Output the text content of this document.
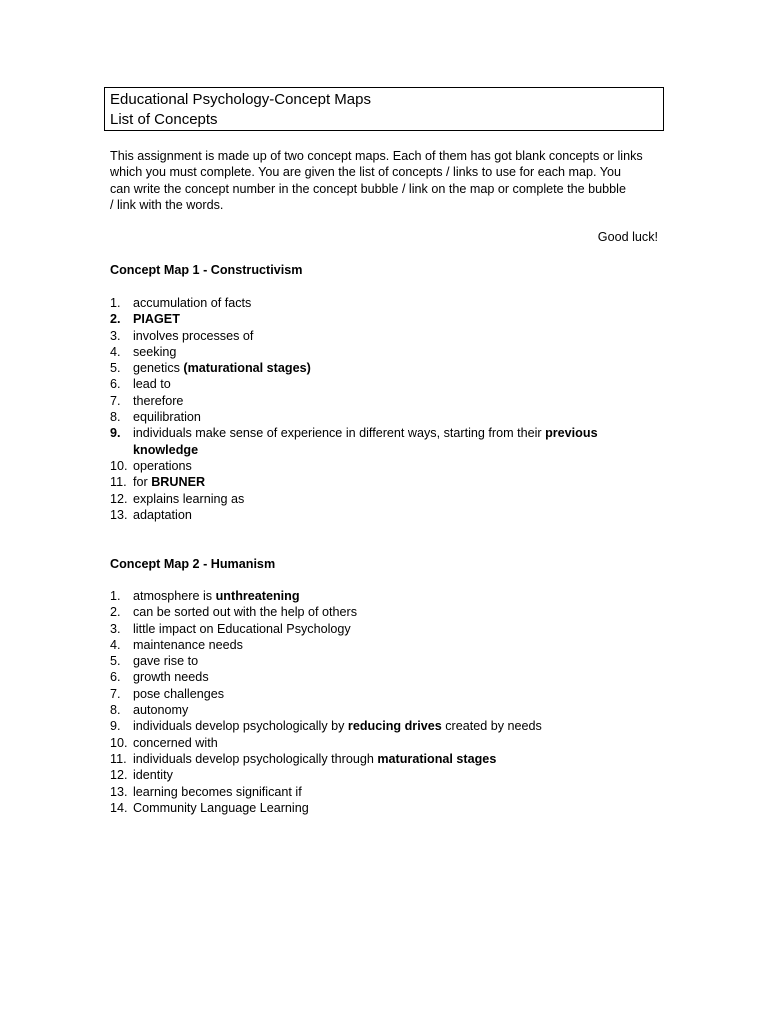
Educational Psychology-Concept Maps
List of Concepts
This assignment is made up of two concept maps. Each of them has got blank concepts or links
which you must complete. You are given the list of concepts / links to use for each map. You
can write the concept number in the concept bubble / link on the map or complete the bubble
/ link with the words.
Good luck!
Concept Map 1 - Constructivism
1. accumulation of facts
2. PIAGET
3. involves processes of
4. seeking
5. genetics (maturational stages)
6. lead to
7. therefore
8. equilibration
9. individuals make sense of experience in different ways, starting from their previous knowledge
10. operations
11. for BRUNER
12. explains learning as
13. adaptation
Concept Map 2 - Humanism
1. atmosphere is unthreatening
2. can be sorted out with the help of others
3. little impact on Educational Psychology
4. maintenance needs
5. gave rise to
6. growth needs
7. pose challenges
8. autonomy
9. individuals develop psychologically by reducing drives created by needs
10. concerned with
11. individuals develop psychologically through maturational stages
12. identity
13. learning becomes significant if
14. Community Language Learning
